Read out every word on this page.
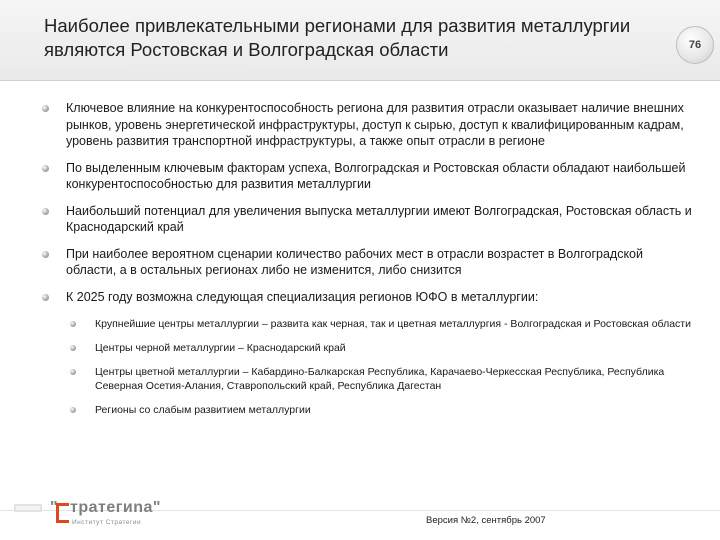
Наиболее привлекательными регионами для развития металлургии являются Ростовская и Волгоградская области	76
Ключевое влияние на конкурентоспособность региона для развития отрасли оказывает наличие внешних рынков, уровень энергетической инфраструктуры, доступ к сырью, доступ к квалифицированным кадрам, уровень развития транспортной инфраструктуры, а также опыт отрасли в регионе
По выделенным ключевым факторам успеха, Волгоградская и Ростовская области обладают наибольшей конкурентоспособностью для развития металлургии
Наибольший потенциал для увеличения выпуска металлургии имеют Волгоградская, Ростовская область и Краснодарский край
При наиболее вероятном сценарии количество рабочих мест в отрасли возрастет в Волгоградской области, а в остальных регионах либо не изменится, либо снизится
К 2025 году возможна следующая специализация регионов ЮФО в металлургии:
Крупнейшие центры металлургии – развита как черная, так и цветная металлургия - Волгоградская и Ростовская области
Центры черной металлургии – Краснодарский край
Центры цветной металлургии – Кабардино-Балкарская Республика, Карачаево-Черкесская Республика, Республика Северная Осетия-Алания, Ставропольский край, Республика Дагестан
Регионы со слабым развитием металлургии
" тратегиnа"
Институт Стратегии	Версия №2, сентябрь 2007
